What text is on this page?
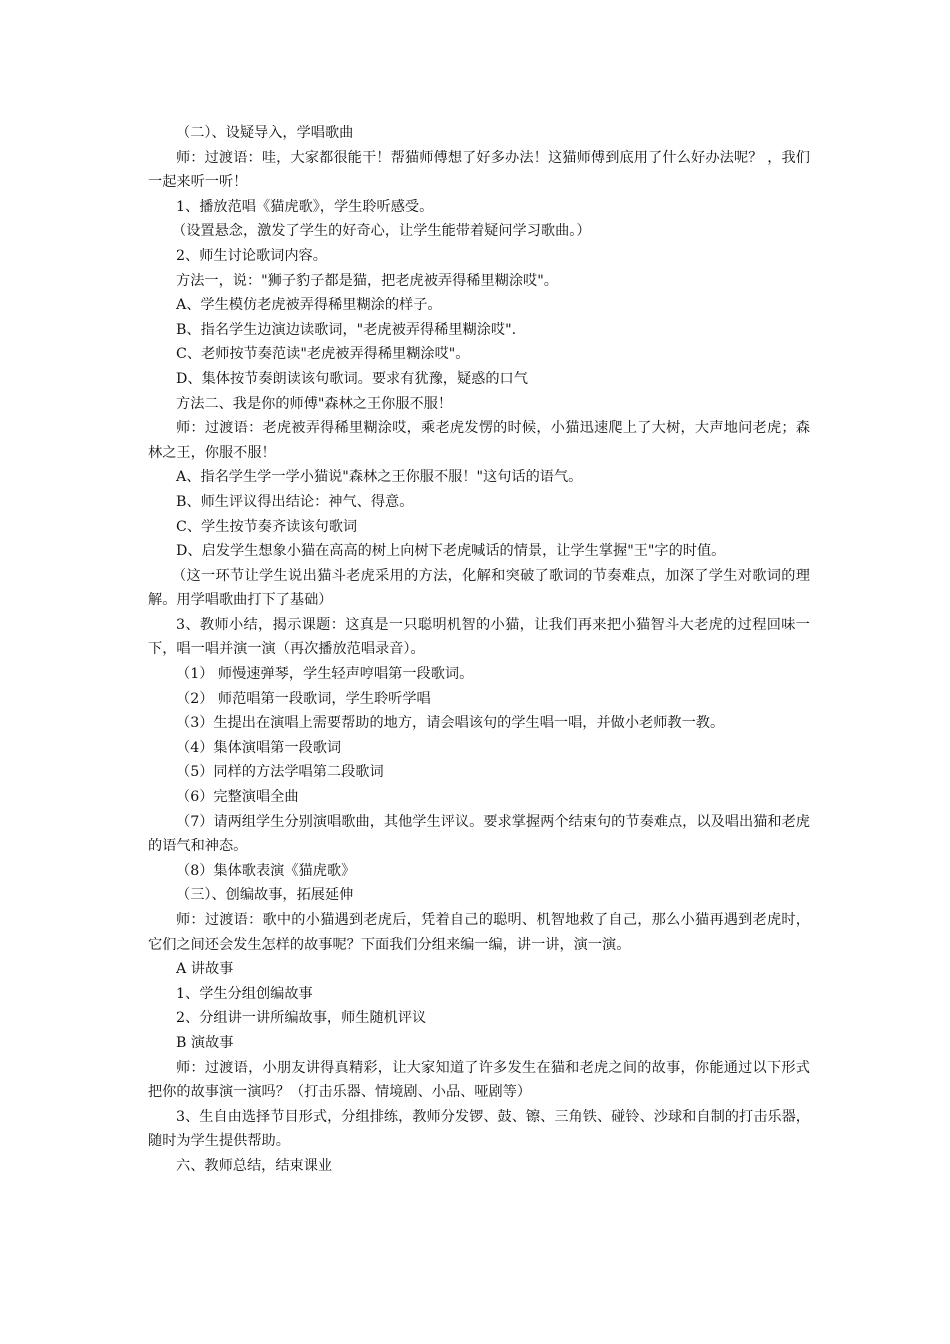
（二）、设疑导入，学唱歌曲

师：过渡语：哇，大家都很能干！帮猫师傅想了好多办法！这猫师傅到底用了什么好办法呢？ ，我们一起来听一听！

1、播放范唱《猫虎歌》，学生聆听感受。

（设置悬念，激发了学生的好奇心，让学生能带着疑问学习歌曲。）

2、师生讨论歌词内容。

方法一，说："狮子豹子都是猫，把老虎被弄得稀里糊涂哎"。

A、学生模仿老虎被弄得稀里糊涂的样子。

B、指名学生边演边读歌词，"老虎被弄得稀里糊涂哎".

C、老师按节奏范读"老虎被弄得稀里糊涂哎"。

D、集体按节奏朗读该句歌词。要求有犹豫，疑惑的口气

方法二、我是你的师傅"森林之王你服不服！

师：过渡语：老虎被弄得稀里糊涂哎，乘老虎发愣的时候，小猫迅速爬上了大树，大声地问老虎；森林之王，你服不服！

A、指名学生学一学小猫说"森林之王你服不服！"这句话的语气。

B、师生评议得出结论：神气、得意。

C、学生按节奏齐读该句歌词

D、启发学生想象小猫在高高的树上向树下老虎喊话的情景，让学生掌握"王"字的时值。

（这一环节让学生说出猫斗老虎采用的方法，化解和突破了歌词的节奏难点，加深了学生对歌词的理解。用学唱歌曲打下了基础）

3、教师小结，揭示课题：这真是一只聪明机智的小猫，让我们再来把小猫智斗大老虎的过程回味一下，唱一唱并演一演（再次播放范唱录音）。

（1） 师慢速弹琴，学生轻声哼唱第一段歌词。

（2） 师范唱第一段歌词，学生聆听学唱

（3）生提出在演唱上需要帮助的地方，请会唱该句的学生唱一唱，并做小老师教一教。

（4）集体演唱第一段歌词

（5）同样的方法学唱第二段歌词

（6）完整演唱全曲

（7）请两组学生分别演唱歌曲，其他学生评议。要求掌握两个结束句的节奏难点，以及唱出猫和老虎的语气和神态。

（8）集体歌表演《猫虎歌》

（三）、创编故事，拓展延伸

师：过渡语：歌中的小猫遇到老虎后，凭着自己的聪明、机智地救了自己，那么小猫再遇到老虎时，它们之间还会发生怎样的故事呢？下面我们分组来编一编，讲一讲，演一演。

A 讲故事

1、学生分组创编故事

2、分组讲一讲所编故事，师生随机评议

B 演故事

师：过渡语，小朋友讲得真精彩，让大家知道了许多发生在猫和老虎之间的故事，你能通过以下形式把你的故事演一演吗？（打击乐器、情境剧、小品、哑剧等）

3、生自由选择节目形式，分组排练，教师分发锣、鼓、镲、三角铁、碰铃、沙球和自制的打击乐器，随时为学生提供帮助。

六、教师总结，结束课业
